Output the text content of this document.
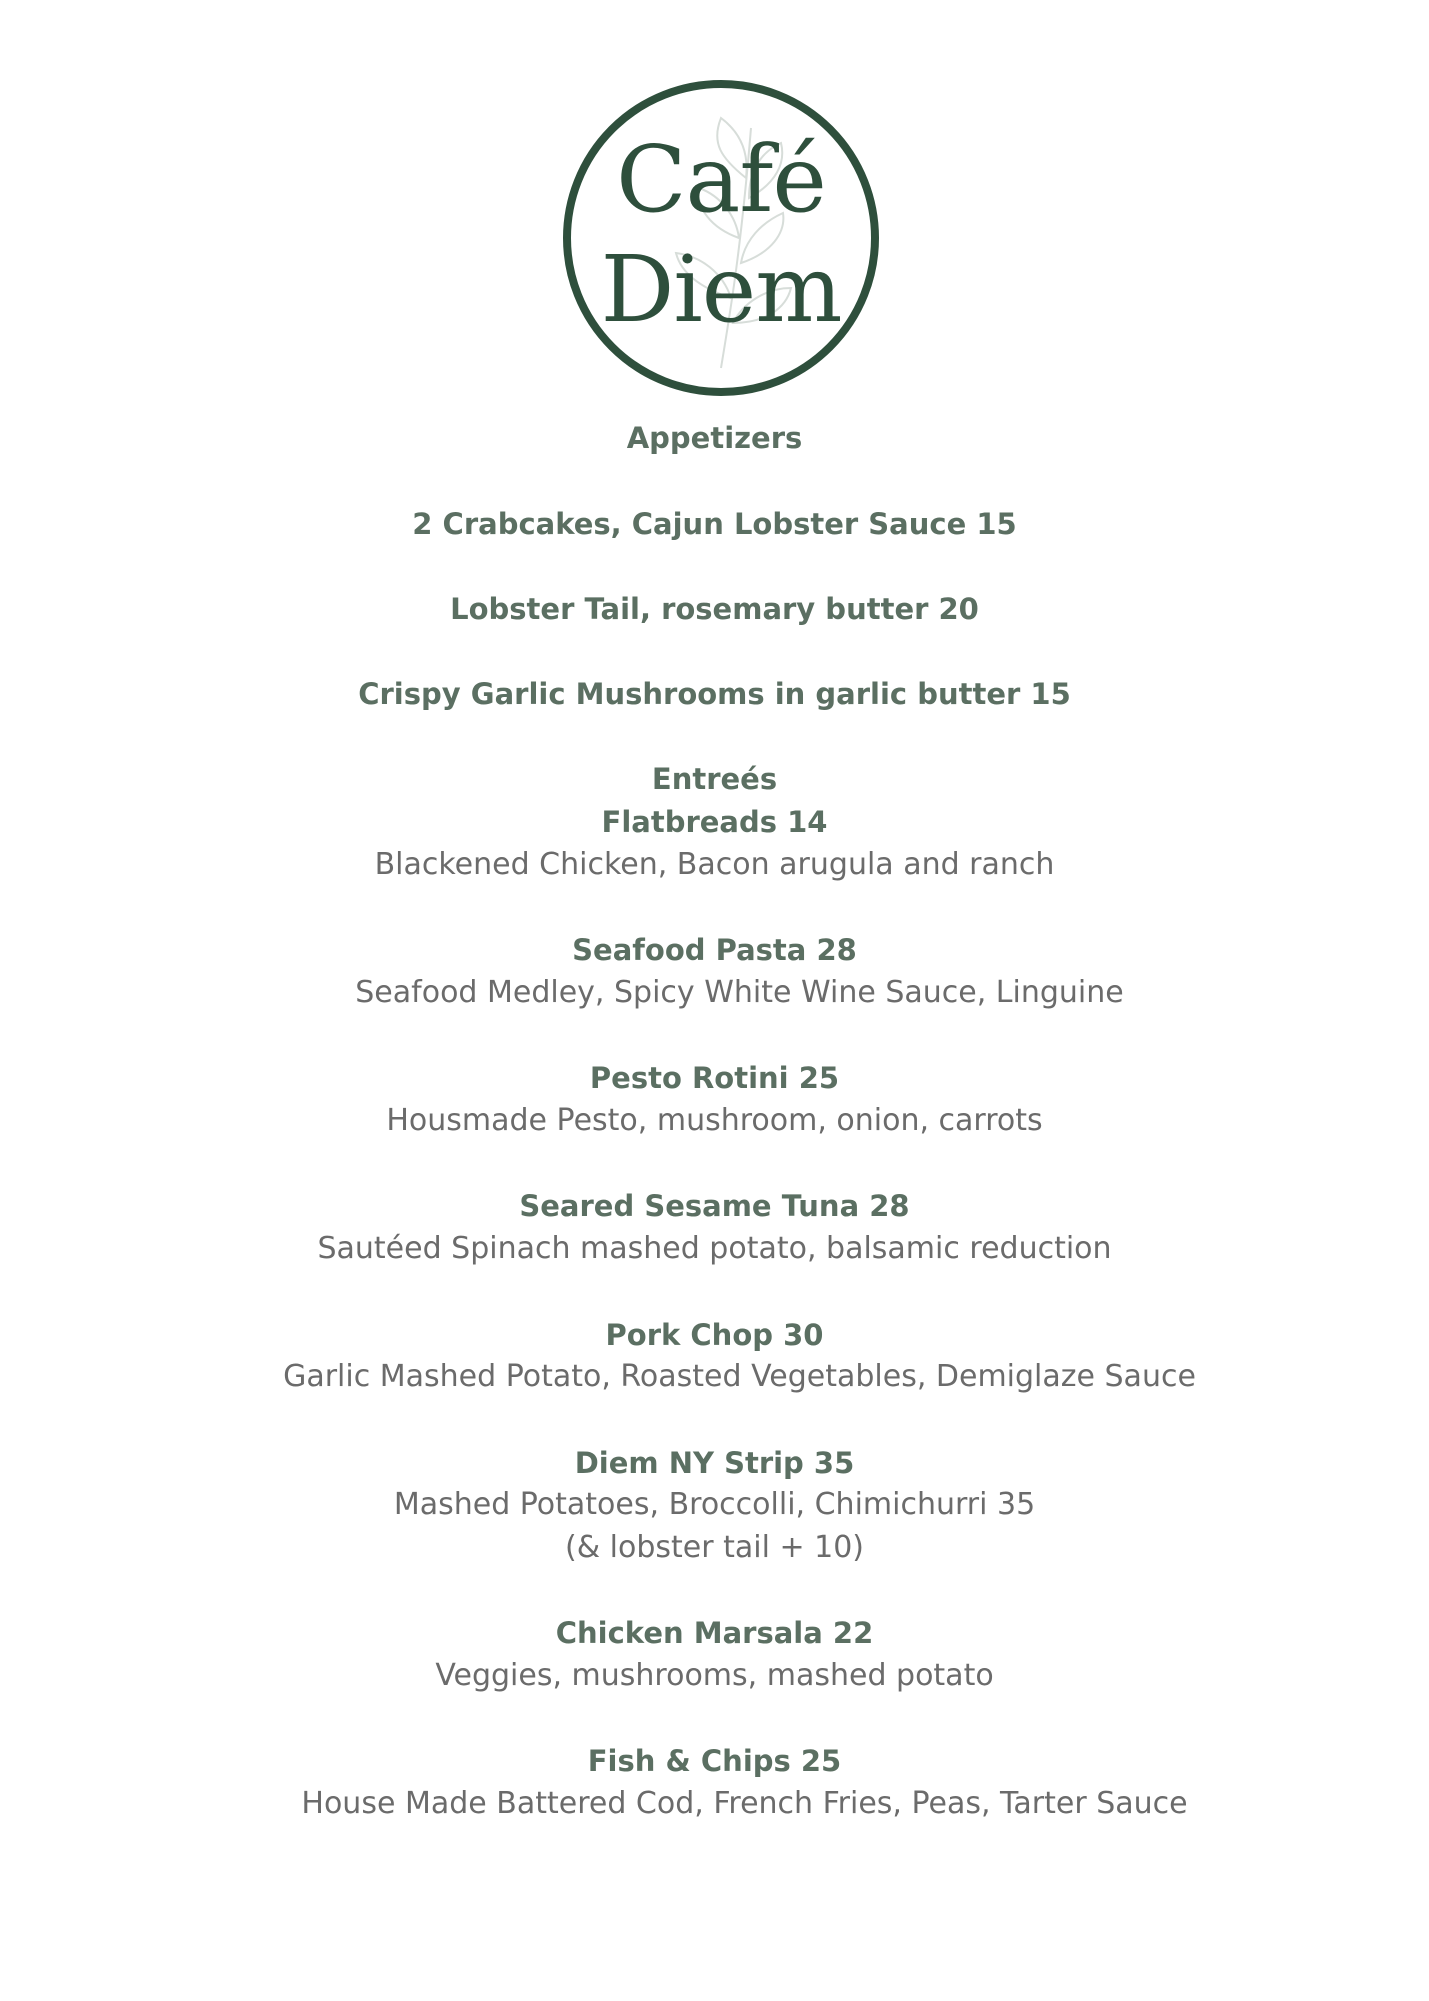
Café
Diem
Appetizers
2 Crabcakes, Cajun Lobster Sauce 15
Lobster Tail, rosemary butter 20
Crispy Garlic Mushrooms in garlic butter 15
Entreés
Flatbreads 14
Blackened Chicken, Bacon arugula and ranch
Seafood Pasta 28
Seafood Medley, Spicy White Wine Sauce, Linguine
Pesto Rotini 25
Housmade Pesto, mushroom, onion, carrots
Seared Sesame Tuna 28
Sautéed Spinach mashed potato, balsamic reduction
Pork Chop 30
Garlic Mashed Potato, Roasted Vegetables, Demiglaze Sauce
Diem NY Strip 35
Mashed Potatoes, Broccolli, Chimichurri 35
(& lobster tail + 10)
Chicken Marsala 22
Veggies, mushrooms, mashed potato
Fish & Chips 25
House Made Battered Cod, French Fries, Peas, Tarter Sauce
